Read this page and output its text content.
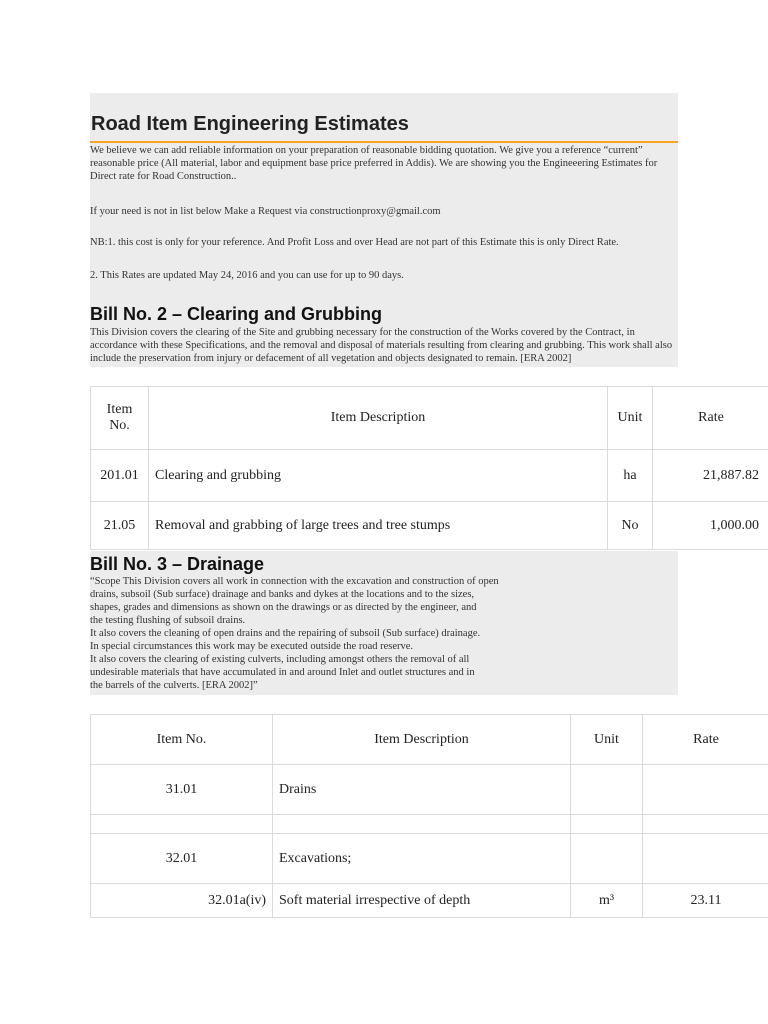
Road Item Engineering Estimates

We believe we can add reliable information on your preparation of reasonable bidding quotation. We give you a reference “current” reasonable price (All material, labor and equipment base price preferred in Addis). We are showing you the Engineeering Estimates for Direct rate for Road Construction..

If your need is not in list below Make a Request via constructionproxy@gmail.com

NB:1. this cost is only for your reference. And Profit Loss and over Head are not part of this Estimate this is only Direct Rate.

2. This Rates are updated May 24, 2016 and you can use for up to 90 days.

Bill No. 2 – Clearing and Grubbing

This Division covers the clearing of the Site and grubbing necessary for the construction of the Works covered by the Contract, in accordance with these Specifications, and the removal and disposal of materials resulting from clearing and grubbing. This work shall also include the preservation from injury or defacement of all vegetation and objects designated to remain. [ERA 2002]

Item No.	Item Description	Unit	Rate
201.01	Clearing and grubbing	ha	21,887.82
21.05	Removal and grabbing of large trees and tree stumps	No	1,000.00
Bill No. 3 – Drainage

“Scope This Division covers all work in connection with the excavation and construction of open
drains, subsoil (Sub surface) drainage and banks and dykes at the locations and to the sizes,
shapes, grades and dimensions as shown on the drawings or as directed by the engineer, and
the testing flushing of subsoil drains.
It also covers the cleaning of open drains and the repairing of subsoil (Sub surface) drainage.
In special circumstances this work may be executed outside the road reserve.
It also covers the clearing of existing culverts, including amongst others the removal of all
undesirable materials that have accumulated in and around Inlet and outlet structures and in
the barrels of the culverts. [ERA 2002]”

Item No.	Item Description	Unit	Rate
31.01	Drains		

32.01	Excavations;		
32.01a(iv)	Soft material irrespective of depth	m³	23.11
